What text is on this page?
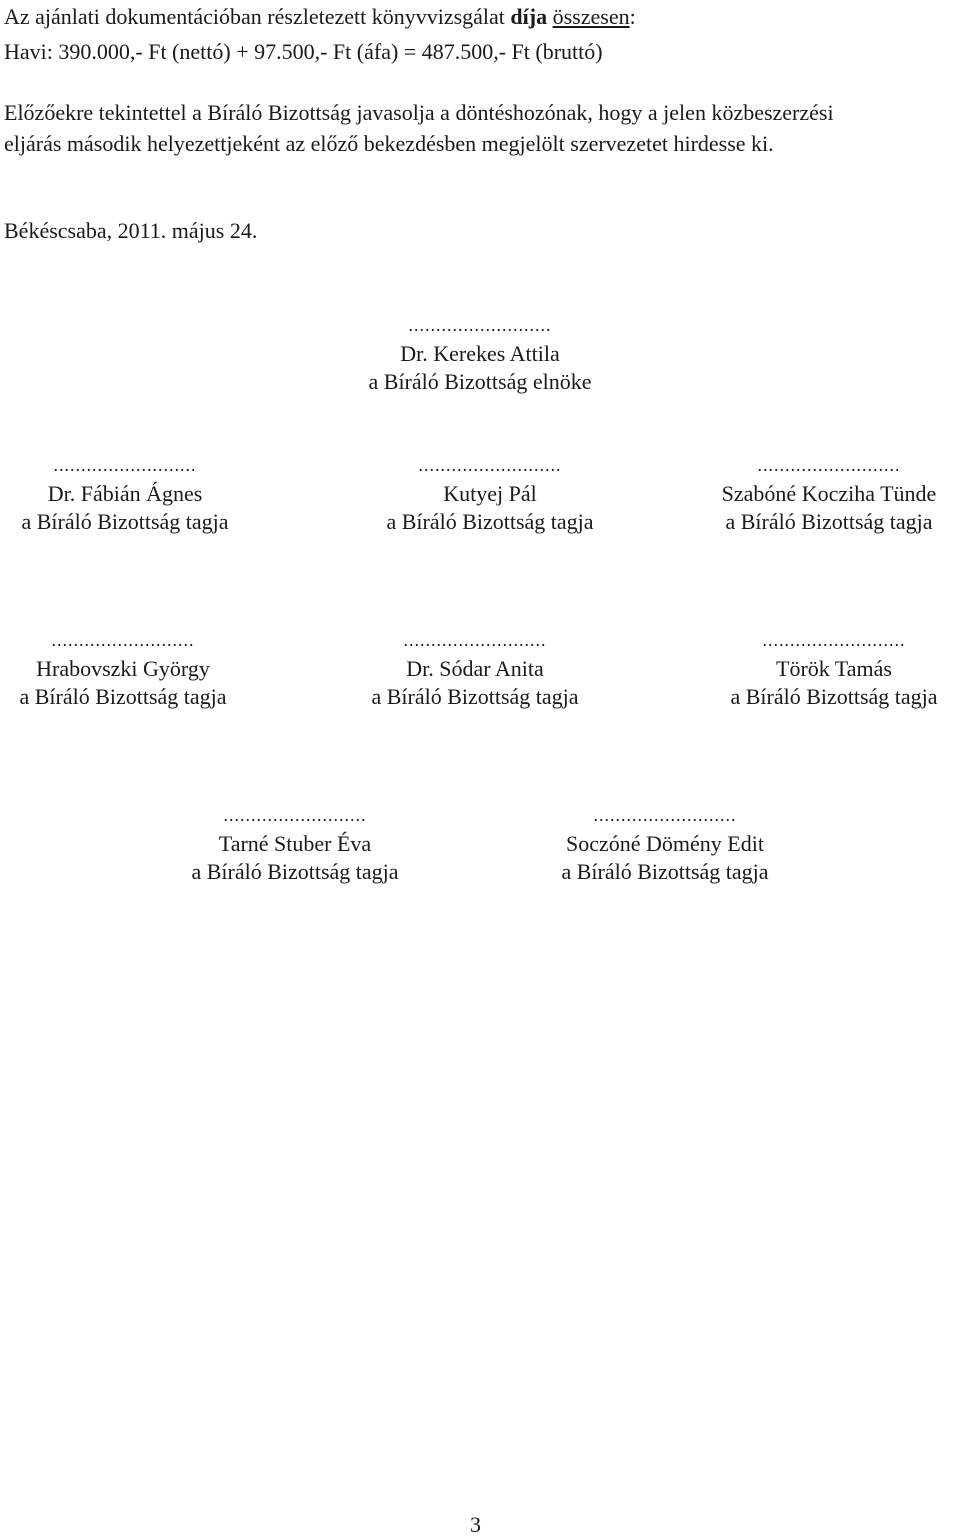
Az ajánlati dokumentációban részletezett könyvvizsgálat díja összesen:
Havi: 390.000,- Ft (nettó) + 97.500,- Ft (áfa) = 487.500,- Ft (bruttó)
Előzőekre tekintettel a Bíráló Bizottság javasolja a döntéshozónak, hogy a jelen közbeszerzési
eljárás második helyezettjeként az előző bekezdésben megjelölt szervezetet hirdesse ki.
Békéscsaba, 2011. május 24.
..........................
Dr. Kerekes Attila
a Bíráló Bizottság elnöke
..........................
Dr. Fábián Ágnes
a Bíráló Bizottság tagja
..........................
Kutyej Pál
a Bíráló Bizottság tagja
..........................
Szabóné Kocziha Tünde
a Bíráló Bizottság tagja
..........................
Hrabovszki György
a Bíráló Bizottság tagja
..........................
Dr. Sódar Anita
a Bíráló Bizottság tagja
..........................
Török Tamás
a Bíráló Bizottság tagja
..........................
Tarné Stuber Éva
a Bíráló Bizottság tagja
..........................
Soczóné Dömény Edit
a Bíráló Bizottság tagja
3
